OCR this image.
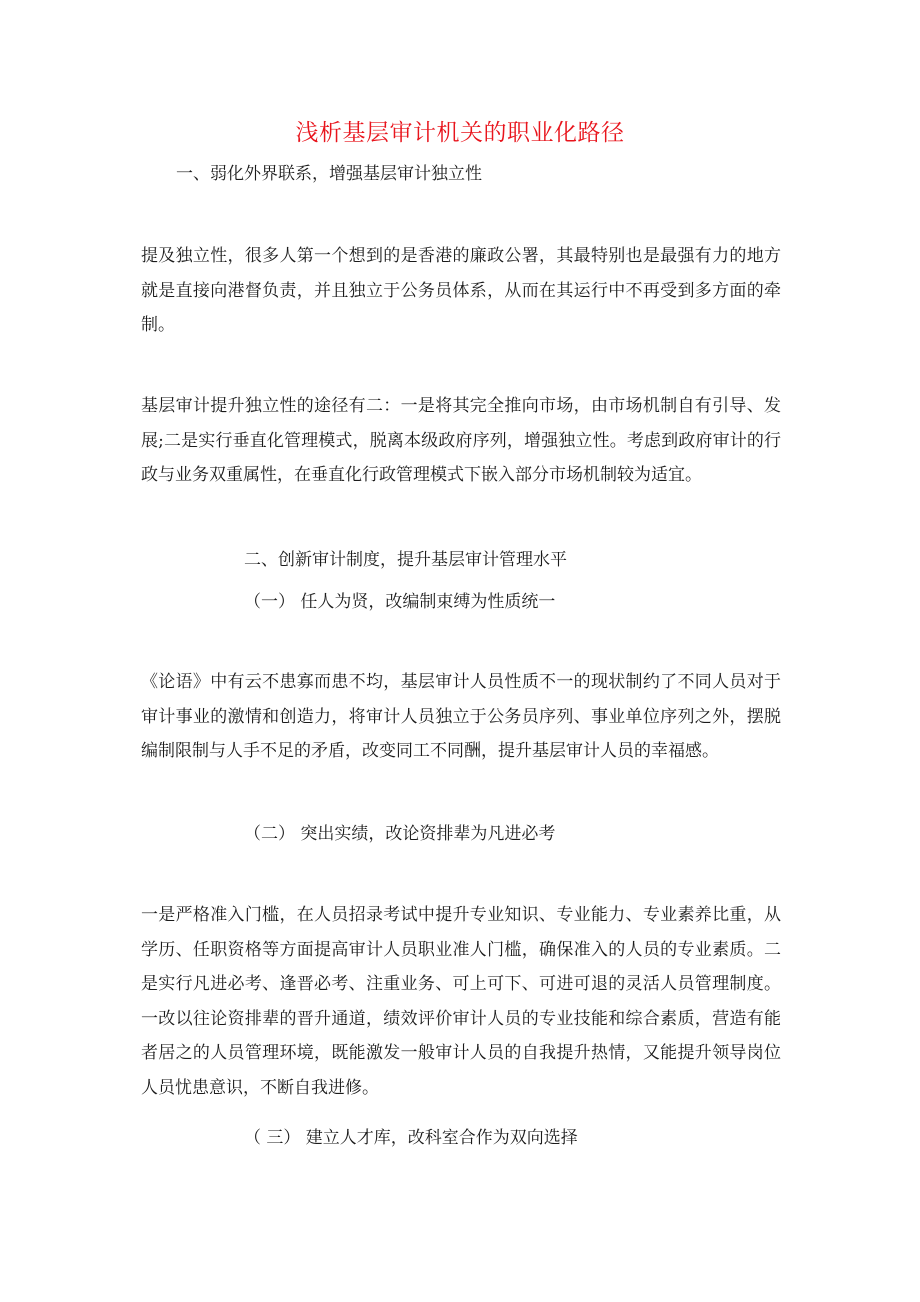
浅析基层审计机关的职业化路径

一、弱化外界联系，增强基层审计独立性

提及独立性，很多人第一个想到的是香港的廉政公署，其最特别也是最强有力的地方就是直接向港督负责，并且独立于公务员体系，从而在其运行中不再受到多方面的牵制。

基层审计提升独立性的途径有二：一是将其完全推向市场，由市场机制自有引导、发展;二是实行垂直化管理模式，脱离本级政府序列，增强独立性。考虑到政府审计的行政与业务双重属性，在垂直化行政管理模式下嵌入部分市场机制较为适宜。

二、创新审计制度，提升基层审计管理水平

（一） 任人为贤，改编制束缚为性质统一

《论语》中有云不患寡而患不均，基层审计人员性质不一的现状制约了不同人员对于审计事业的激情和创造力，将审计人员独立于公务员序列、事业单位序列之外，摆脱编制限制与人手不足的矛盾，改变同工不同酬，提升基层审计人员的幸福感。

（二） 突出实绩，改论资排辈为凡进必考

一是严格准入门槛，在人员招录考试中提升专业知识、专业能力、专业素养比重，从学历、任职资格等方面提高审计人员职业准人门槛，确保准入的人员的专业素质。二是实行凡进必考、逢晋必考、注重业务、可上可下、可进可退的灵活人员管理制度。一改以往论资排辈的晋升通道，绩效评价审计人员的专业技能和综合素质，营造有能者居之的人员管理环境，既能激发一般审计人员的自我提升热情，又能提升领导岗位人员忧患意识，不断自我进修。

（ 三） 建立人才库，改科室合作为双向选择
